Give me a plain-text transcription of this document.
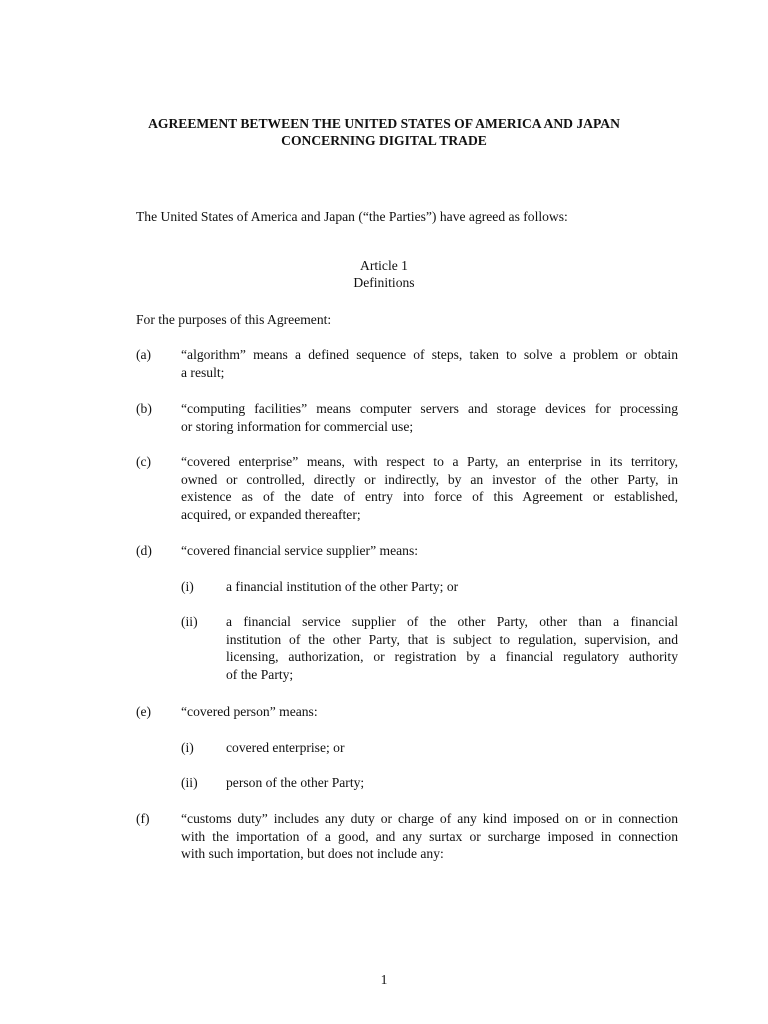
AGREEMENT BETWEEN THE UNITED STATES OF AMERICA AND JAPAN
CONCERNING DIGITAL TRADE
The United States of America and Japan (“the Parties”) have agreed as follows:
Article 1
Definitions
For the purposes of this Agreement:
(a)	“algorithm” means a defined sequence of steps, taken to solve a problem or obtain
a result;
(b)	“computing facilities” means computer servers and storage devices for processing
or storing information for commercial use;
(c)	“covered enterprise” means, with respect to a Party, an enterprise in its territory,
owned or controlled, directly or indirectly, by an investor of the other Party, in
existence as of the date of entry into force of this Agreement or established,
acquired, or expanded thereafter;
(d)	“covered financial service supplier” means:
(i)	a financial institution of the other Party; or
(ii)	a financial service supplier of the other Party, other than a financial
institution of the other Party, that is subject to regulation, supervision, and
licensing, authorization, or registration by a financial regulatory authority
of the Party;
(e)	“covered person” means:
(i)	covered enterprise; or
(ii)	person of the other Party;
(f)	“customs duty” includes any duty or charge of any kind imposed on or in connection
with the importation of a good, and any surtax or surcharge imposed in connection
with such importation, but does not include any:
1
